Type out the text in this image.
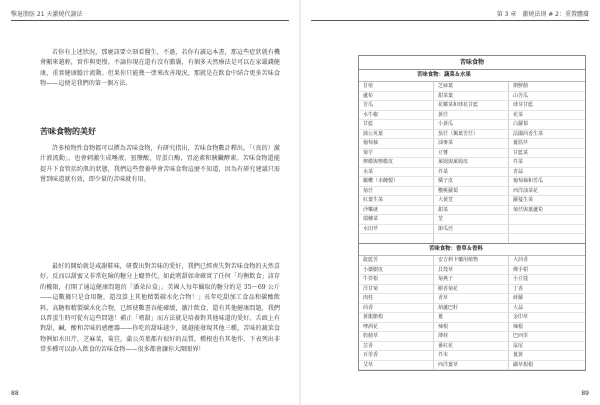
擊退脂肪 21 天激燒代謝法

若你有上述狀況，那麼該要立刻看醫生，不過，若你有讀這本書，那這些症狀就有機會顯來越輕，實作與更慢。不論你現在還有沒有膽囊，有個多天然療法是可以在家嚴錢健康，重實健康膽汁流動。但果你只能幾一塗來改善現況，那就是在飲食中結合更多苦味食物——這便是我們的第一個方法。

苦味食物的美好

許多植物性食物都可以撰為苦味食物，有研究指出，苦味食物數計釋出，「（真的）激汁液流動」，也會刺激生成唾液，氫鹽酸，胃蛋白酶，胃泌素和胰臟酵素。苦味食物還能提升下食管括約肌的狀態，我們這些營養學會苦味食物這麼不知道，因為有研究建議只需嘗到味道就有效，即少量的苦味就有用。

最好的開始就是咸謝鞋味，研費出對苦味的愛好，我們已經喪失對苦味食物的天然喜好，反而以甜蜜又非常危險的糖分上癮替代。如此嗜甜如命確實了任何「均衡飲食」該存的權限，打開了通這健康問題的「潘朵拉盒」。美國人每年攝取的糖分約是 35～69 公斤——這數據只是食用糖，還沒算上其他精製碳水化合物！」長年吃甜加工食品和碳酸飲料，高糖和精製碳水化合物，已經使數書吞能確緩，激汁飲食，還有其他健康問題，我們以普蛋生時可從有這些問題！補正「嗜甜」而方法就是培養對其他味道的愛好。舌頭上有對甜，鹹，酸和苦味的感應器——你吃的甜味越少，就越能發現其他三種，苦味的蔬菜食物例如水田芹，芝麻菜，菊苣，蒲公英葉都有很好的品質，種根也有其他作，下表列出非常多種可以添入飲食的苦味食物——很多都會讓你大開眼界！

88
第 3 章　激燒法則 # 2：重置體膚
苦味食物
苦味食物：蔬菜＆水果
苜蓿	芝麻葉	朝鮮薊
蘆筍	甜菜葉	山苦瓜
苦瓜	花椰菜和球花甘藍	球芽甘藍
水牛椒	黃苣	花菜
甘藍	小黃瓜	白蘿蔔
蒲公英葉	茄苣（獨葉苦苣）	法國茴香生菜
葡萄柚	油麥菜	薑筋芹
菊芋	豆薯	甘藍菜
檸檬與檸檬皮	萊姆與萊姆皮	芥菜
水菜	芥菜	青蒜
橄欖（未醃製）	橘子皮	葡萄柚和苦瓜
菊苣	櫻桃蘿蔔	西洋油菜花
紅葉生菜	大黃莖	蘿蔓生菜
沙樂就	甜菜	菊苣與葉蘆筍
瑞穗菜	莖
水田芹	節瓜芭
苦味食物：香草＆香料
靛藍苦	安吉莉卡藥用植物	大茴香
小蘗樹皮	貝殼草	佛手柑
牛蒡根	菊燕子	小豆蔻
洋甘菊	樹香菊花	丁香
肉桂	香草	蒔蘿
茴香	葫蘆巴籽	大蒜
黃龍膽根	薑	金印草
啤酒花	辣根	辣根
奶薊草	薄荷	巴西里
芸香	番紅花	鼠尾
百里香	芥末	薑黃
艾草	西洋薑草	纈草根根
89
